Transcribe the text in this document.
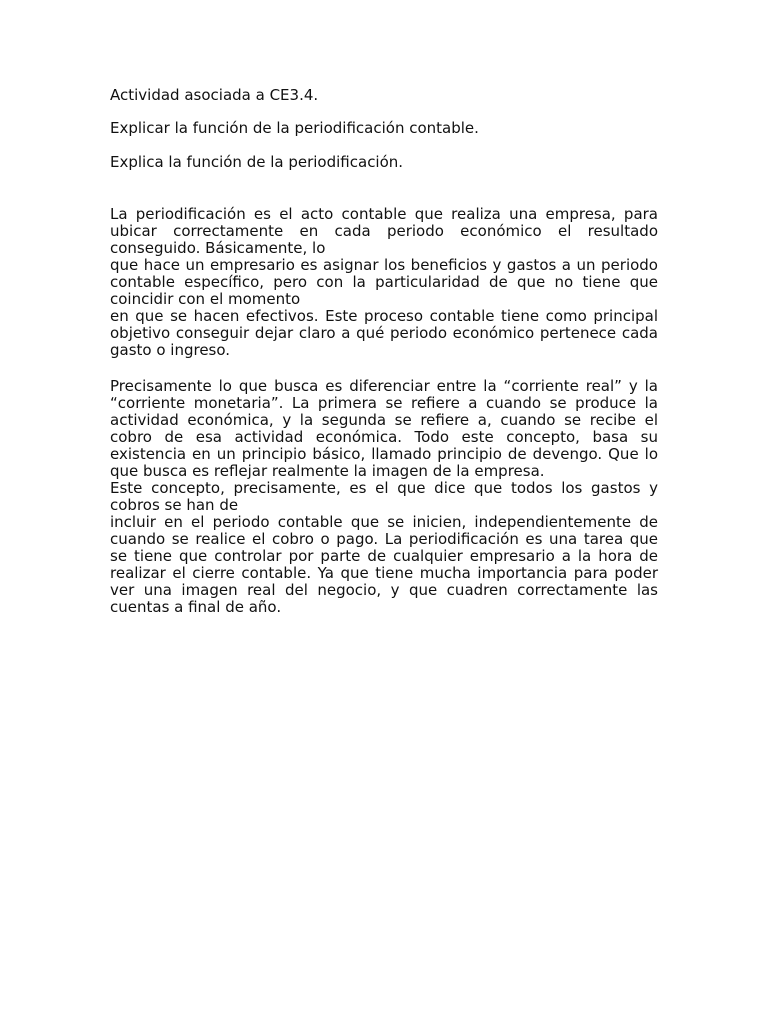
Actividad asociada a CE3.4.
Explicar la función de la periodificación contable.
Explica la función de la periodificación.

La periodificación es el acto contable que realiza una empresa, para ubicar correctamente en cada periodo económico el resultado conseguido. Básicamente, lo

que hace un empresario es asignar los beneficios y gastos a un periodo contable específico, pero con la particularidad de que no tiene que coincidir con el momento

en que se hacen efectivos. Este proceso contable tiene como principal objetivo conseguir dejar claro a qué periodo económico pertenece cada gasto o ingreso.

Precisamente lo que busca es diferenciar entre la “corriente real” y la “corriente monetaria”. La primera se refiere a cuando se produce la actividad económica, y la segunda se refiere a, cuando se recibe el cobro de esa actividad económica. Todo este concepto, basa su existencia en un principio básico, llamado principio de devengo. Que lo que busca es reflejar realmente la imagen de la empresa.

Este concepto, precisamente, es el que dice que todos los gastos y cobros se han de

incluir en el periodo contable que se inicien, independientemente de cuando se realice el cobro o pago. La periodificación es una tarea que se tiene que controlar por parte de cualquier empresario a la hora de realizar el cierre contable. Ya que tiene mucha importancia para poder ver una imagen real del negocio, y que cuadren correctamente las cuentas a final de año.
